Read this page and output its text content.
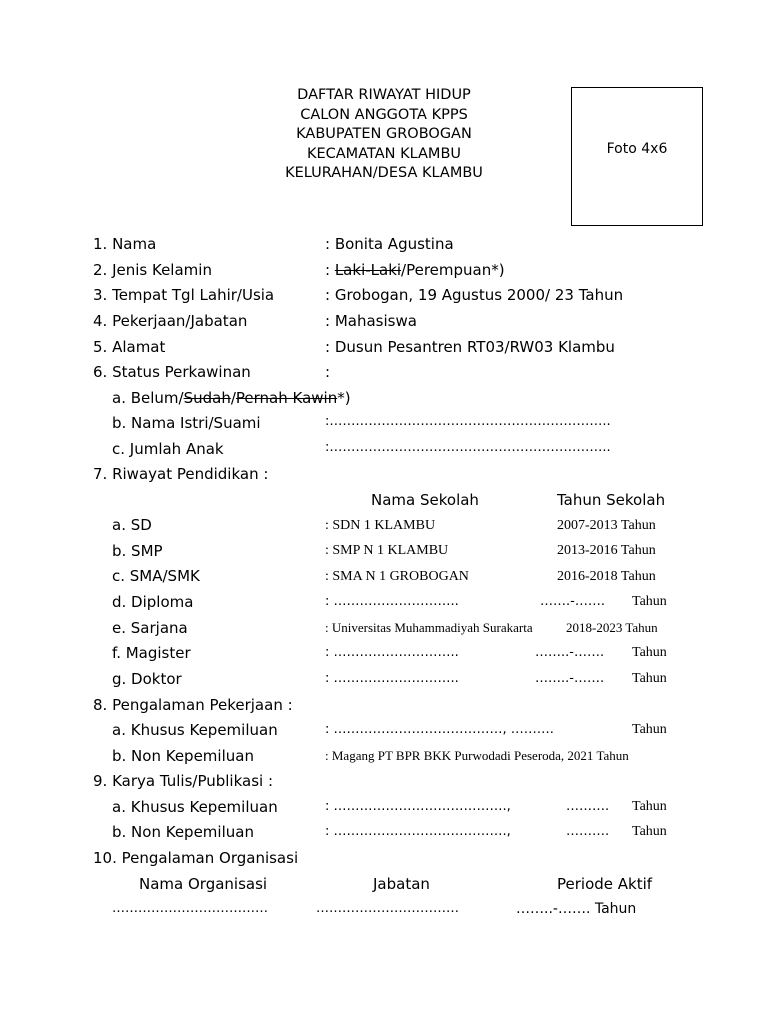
DAFTAR RIWAYAT HIDUP
CALON ANGGOTA KPPS
KABUPATEN GROBOGAN
KECAMATAN KLAMBU
KELURAHAN/DESA KLAMBU
Foto 4x6
1. Nama	: Bonita Agustina
2. Jenis Kelamin	: Laki-Laki/Perempuan*)
3. Tempat Tgl Lahir/Usia	: Grobogan, 19 Agustus 2000/ 23 Tahun
4. Pekerjaan/Jabatan	: Mahasiswa
5. Alamat	: Dusun Pesantren RT03/RW03 Klambu
6. Status Perkawinan	:
a. Belum/Sudah/Pernah Kawin*)
b. Nama Istri/Suami	:………………………………………………………..
c. Jumlah Anak	:………………………………………………………..
7. Riwayat Pendidikan :
Nama Sekolah	Tahun Sekolah
a. SD	: SDN 1 KLAMBU	2007-2013 Tahun
b. SMP	: SMP N 1 KLAMBU	2013-2016 Tahun
c. SMA/SMK	: SMA N 1 GROBOGAN	2016-2018 Tahun
d. Diploma	: ………………………..	…….-……. Tahun
e. Sarjana	: Universitas Muhammadiyah Surakarta	2018-2023 Tahun
f. Magister	: ………………………..	……..-……. Tahun
g. Doktor	: ………………………..	……..-……. Tahun
8. Pengalaman Pekerjaan :
a. Khusus Kepemiluan	: …………………………………, ……….	Tahun
b. Non Kepemiluan	: Magang PT BPR BKK Purwodadi Peseroda, 2021 Tahun
9. Karya Tulis/Publikasi :
a. Khusus Kepemiluan	: ………………………………….,	………. Tahun
b. Non Kepemiluan	: ………………………………….,	………. Tahun
10. Pengalaman Organisasi
Nama Organisasi	Jabatan	Periode Aktif
………………………………	……………………………	……..-……. Tahun
